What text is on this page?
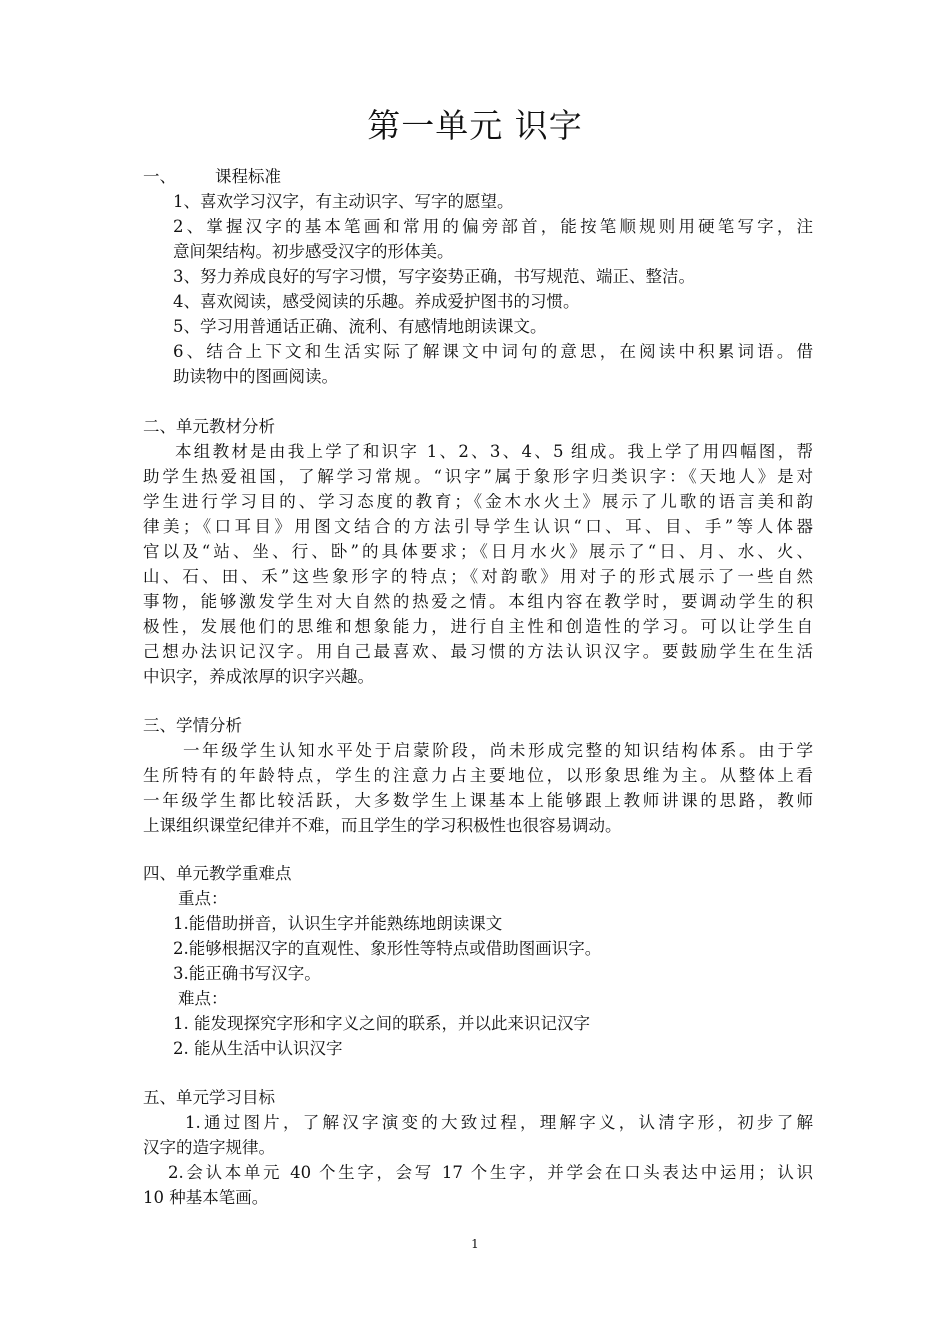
第一单元 识字
一、 课程标准
1、喜欢学习汉字，有主动识字、写字的愿望。
2、掌握汉字的基本笔画和常用的偏旁部首，能按笔顺规则用硬笔写字，注
意间架结构。初步感受汉字的形体美。
3、努力养成良好的写字习惯，写字姿势正确，书写规范、端正、整洁。
4、喜欢阅读，感受阅读的乐趣。养成爱护图书的习惯。
5、学习用普通话正确、流利、有感情地朗读课文。
6、结合上下文和生活实际了解课文中词句的意思，在阅读中积累词语。借
助读物中的图画阅读。
二、单元教材分析
本组教材是由我上学了和识字 1、2、3、4、5 组成。我上学了用四幅图，帮
助学生热爱祖国，了解学习常规。“识字”属于象形字归类识字：《天地人》是对
学生进行学习目的、学习态度的教育；《金木水火土》展示了儿歌的语言美和韵
律美；《口耳目》用图文结合的方法引导学生认识“口、耳、目、手”等人体器
官以及“站、坐、行、卧”的具体要求；《日月水火》展示了“日、月、水、火、
山、石、田、禾”这些象形字的特点；《对韵歌》用对子的形式展示了一些自然
事物，能够激发学生对大自然的热爱之情。本组内容在教学时，要调动学生的积
极性，发展他们的思维和想象能力，进行自主性和创造性的学习。可以让学生自
己想办法识记汉字。用自己最喜欢、最习惯的方法认识汉字。要鼓励学生在生活
中识字，养成浓厚的识字兴趣。
三、学情分析
一年级学生认知水平处于启蒙阶段，尚未形成完整的知识结构体系。由于学
生所特有的年龄特点，学生的注意力占主要地位，以形象思维为主。从整体上看
一年级学生都比较活跃，大多数学生上课基本上能够跟上教师讲课的思路，教师
上课组织课堂纪律并不难，而且学生的学习积极性也很容易调动。
四、单元教学重难点
重点：
1.能借助拼音，认识生字并能熟练地朗读课文
2.能够根据汉字的直观性、象形性等特点或借助图画识字。
3.能正确书写汉字。
难点：
1. 能发现探究字形和字义之间的联系，并以此来识记汉字
2. 能从生活中认识汉字
五、单元学习目标
1.通过图片，了解汉字演变的大致过程，理解字义，认清字形，初步了解
汉字的造字规律。
2.会认本单元 40 个生字，会写 17 个生字，并学会在口头表达中运用；认识
10 种基本笔画。
1
